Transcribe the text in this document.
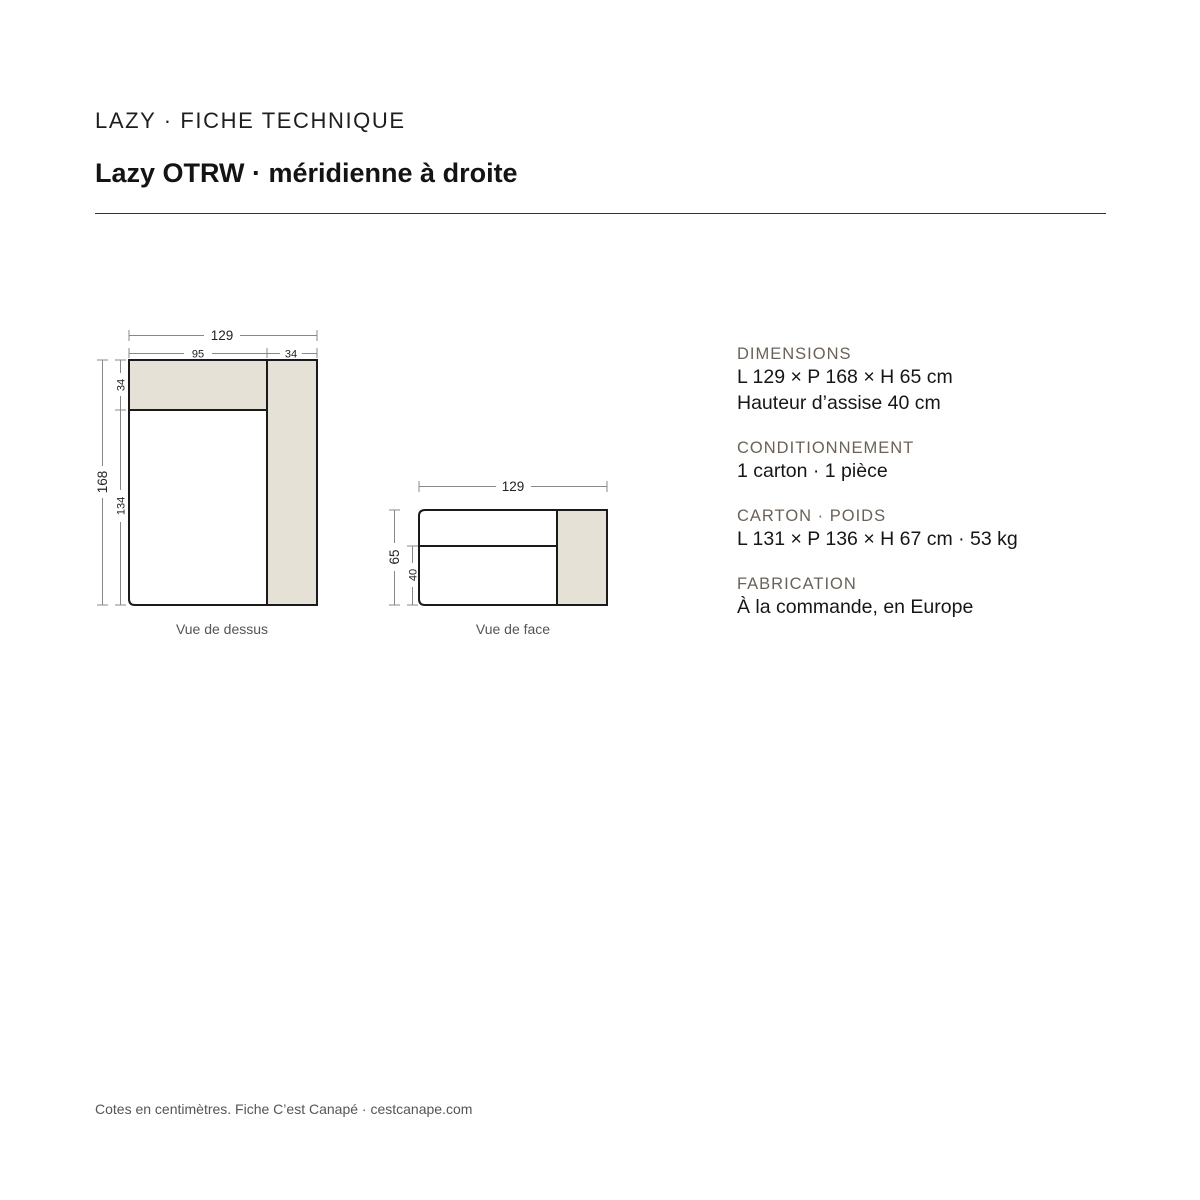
LAZY · FICHE TECHNIQUE
Lazy OTRW · méridienne à droite
129
95	34
168
34
134
Vue de dessus
129
65
40
Vue de face
DIMENSIONS
L 129 × P 168 × H 65 cm
Hauteur d’assise 40 cm
CONDITIONNEMENT
1 carton · 1 pièce
CARTON · POIDS
L 131 × P 136 × H 67 cm · 53 kg
FABRICATION
À la commande, en Europe
Cotes en centimètres. Fiche C’est Canapé · cestcanape.com
